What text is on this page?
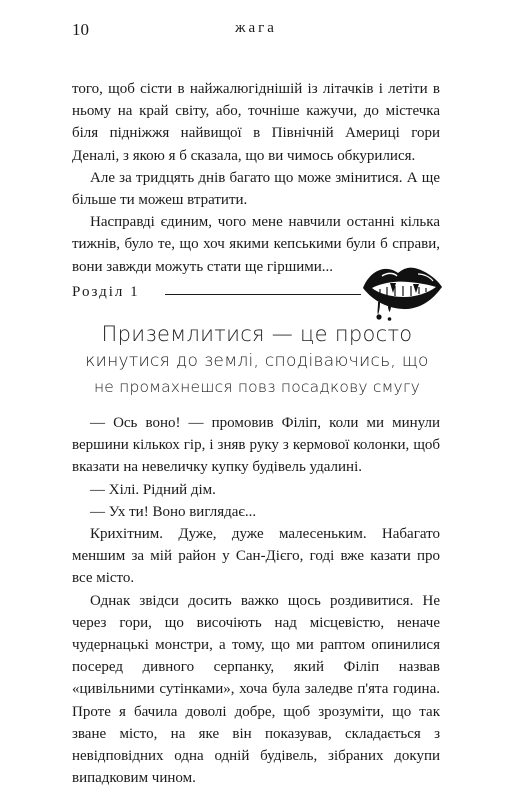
10	жага

того, щоб сісти в найжалюгіднішій із літачків і летіти в ньому на край світу, або, точніше кажучи, до містечка біля підніжжя найвищої в Північній Америці гори Деналі, з якою я б сказала, що ви чимось обкурилися.

Але за тридцять днів багато що може змінитися. А ще більше ти можеш втратити.

Насправді єдиним, чого мене навчили останні кілька тижнів, було те, що хоч якими кепськими були б справи, вони завжди можуть стати ще гіршими...

Розділ 1
Приземлитися — це просто
кинутися до землі, сподіваючись, що
не промахнешся повз посадкову смугу

— Ось воно! — промовив Філіп, коли ми минули вершини кількох гір, і зняв руку з кермової колонки, щоб вказати на невеличку купку будівель удалині.

— Хілі. Рідний дім.

— Ух ти! Воно виглядає...

Крихітним. Дуже, дуже малесеньким. Набагато меншим за мій район у Сан-Дієго, годі вже казати про все місто.

Однак звідси досить важко щось роздивитися. Не через гори, що височіють над місцевістю, неначе чудернацькі монстри, а тому, що ми раптом опинилися посеред дивного серпанку, який Філіп назвав «цивільними сутінками», хоча була заледве п'ята година. Проте я бачила доволі добре, щоб зрозуміти, що так зване місто, на яке він показував, складається з невідповідних одна одній будівель, зібраних докупи випадковим чином.
